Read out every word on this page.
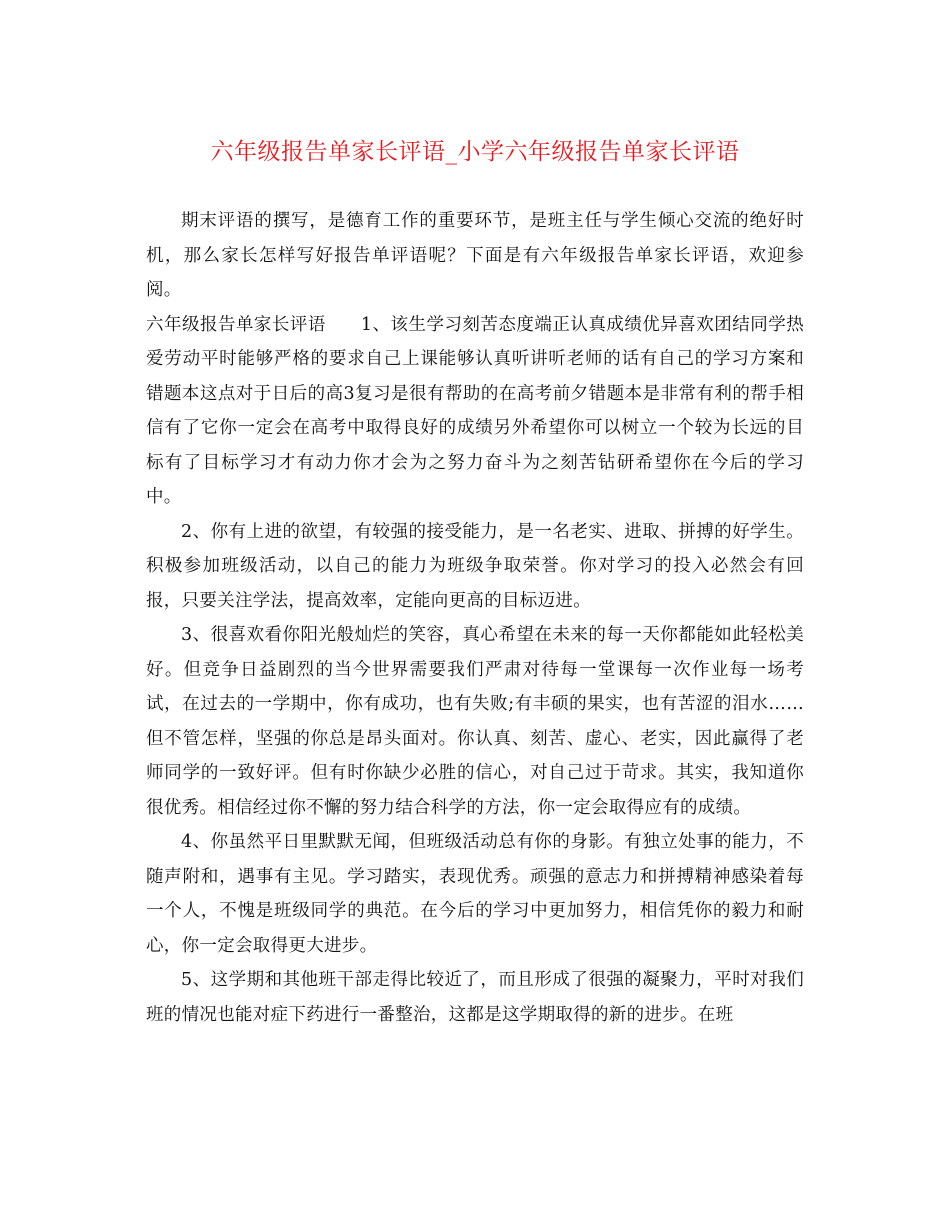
六年级报告单家长评语_小学六年级报告单家长评语

期末评语的撰写，是德育工作的重要环节，是班主任与学生倾心交流的绝好时机，那么家长怎样写好报告单评语呢？下面是有六年级报告单家长评语，欢迎参阅。

六年级报告单家长评语 1、该生学习刻苦态度端正认真成绩优异喜欢团结同学热爱劳动平时能够严格的要求自己上课能够认真听讲听老师的话有自己的学习方案和错题本这点对于日后的高3复习是很有帮助的在高考前夕错题本是非常有利的帮手相信有了它你一定会在高考中取得良好的成绩另外希望你可以树立一个较为长远的目标有了目标学习才有动力你才会为之努力奋斗为之刻苦钻研希望你在今后的学习中。

2、你有上进的欲望，有较强的接受能力，是一名老实、进取、拼搏的好学生。积极参加班级活动，以自己的能力为班级争取荣誉。你对学习的投入必然会有回报，只要关注学法，提高效率，定能向更高的目标迈进。

3、很喜欢看你阳光般灿烂的笑容，真心希望在未来的每一天你都能如此轻松美好。但竞争日益剧烈的当今世界需要我们严肃对待每一堂课每一次作业每一场考试，在过去的一学期中，你有成功，也有失败;有丰硕的果实，也有苦涩的泪水……但不管怎样，坚强的你总是昂头面对。你认真、刻苦、虚心、老实，因此赢得了老师同学的一致好评。但有时你缺少必胜的信心，对自己过于苛求。其实，我知道你很优秀。相信经过你不懈的努力结合科学的方法，你一定会取得应有的成绩。

4、你虽然平日里默默无闻，但班级活动总有你的身影。有独立处事的能力，不随声附和，遇事有主见。学习踏实，表现优秀。顽强的意志力和拼搏精神感染着每一个人，不愧是班级同学的典范。在今后的学习中更加努力，相信凭你的毅力和耐心，你一定会取得更大进步。

5、这学期和其他班干部走得比较近了，而且形成了很强的凝聚力，平时对我们班的情况也能对症下药进行一番整治，这都是这学期取得的新的进步。在班
